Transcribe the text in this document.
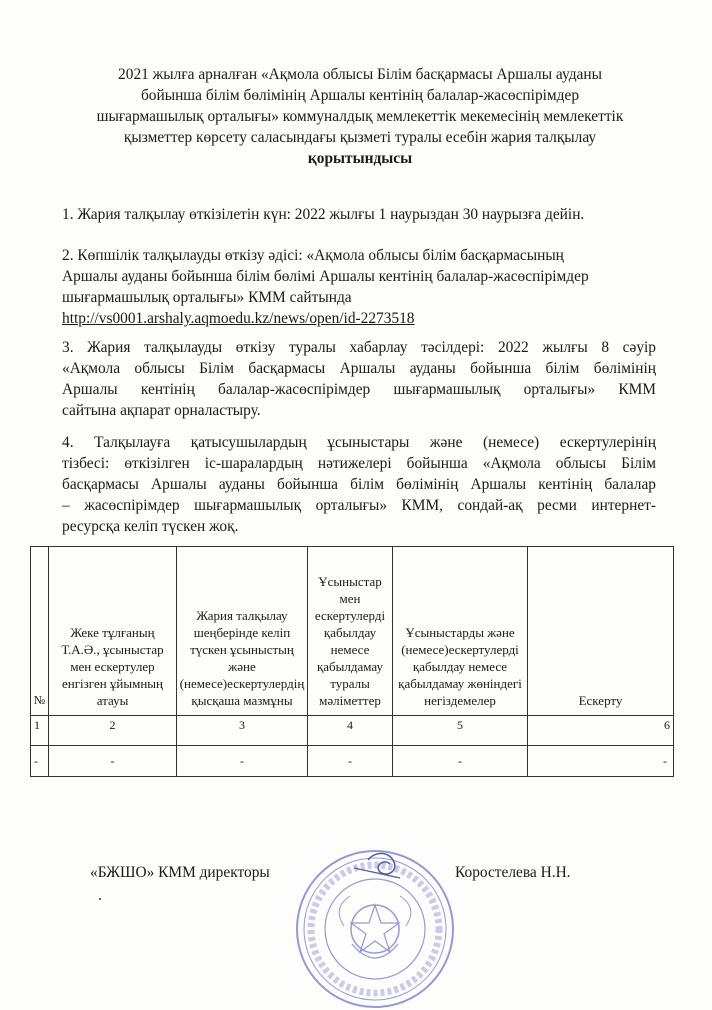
2021 жылға арналған «Ақмола облысы Білім басқармасы Аршалы ауданы
бойынша білім бөлімінің Аршалы кентінің балалар-жасөспірімдер
шығармашылық орталығы» коммуналдық мемлекеттік мекемесінің мемлекеттік
қызметтер көрсету саласындағы қызметі туралы есебін жария талқылау
қорытындысы
1. Жария талқылау өткізілетін күн: 2022 жылғы 1 наурыздан 30 наурызға дейін.
2. Көпшілік талқылауды өткізу әдісі: «Ақмола облысы білім басқармасының
Аршалы ауданы бойынша білім бөлімі Аршалы кентінің балалар-жасөспірімдер
шығармашылық орталығы» КММ сайтында
http://vs0001.arshaly.aqmoedu.kz/news/open/id-2273518
3. Жария талқылауды өткізу туралы хабарлау тәсілдері: 2022 жылғы 8 сәуір
«Ақмола облысы Білім басқармасы Аршалы ауданы бойынша білім бөлімінің
Аршалы кентінің балалар-жасөспірімдер шығармашылық орталығы» КММ
сайтына ақпарат орналастыру.
4. Талқылауға қатысушылардың ұсыныстары және (немесе) ескертулерінің
тізбесі: өткізілген іс-шаралардың нәтижелері бойынша «Ақмола облысы Білім
басқармасы Аршалы ауданы бойынша білім бөлімінің Аршалы кентінің балалар
– жасөспірімдер шығармашылық орталығы» КММ, сондай-ақ ресми интернет-
ресурсқа келіп түскен жоқ.
№	Жеке тұлғаның Т.А.Ә., ұсыныстар мен ескертулер енгізген ұйымның атауы	Жария талқылау шеңберінде келіп түскен ұсыныстың және (немесе)ескертулердің қысқаша мазмұны	Ұсыныстар мен ескертулерді қабылдау немесе қабылдамау туралы мәліметтер	Ұсыныстарды және (немесе)ескертулерді қабылдау немесе қабылдамау жөніндегі негіздемелер	Ескерту
1	2	3	4	5	6
-	-	-	-	-	-
«БЖШО» КММ директоры	Коростелева Н.Н.
